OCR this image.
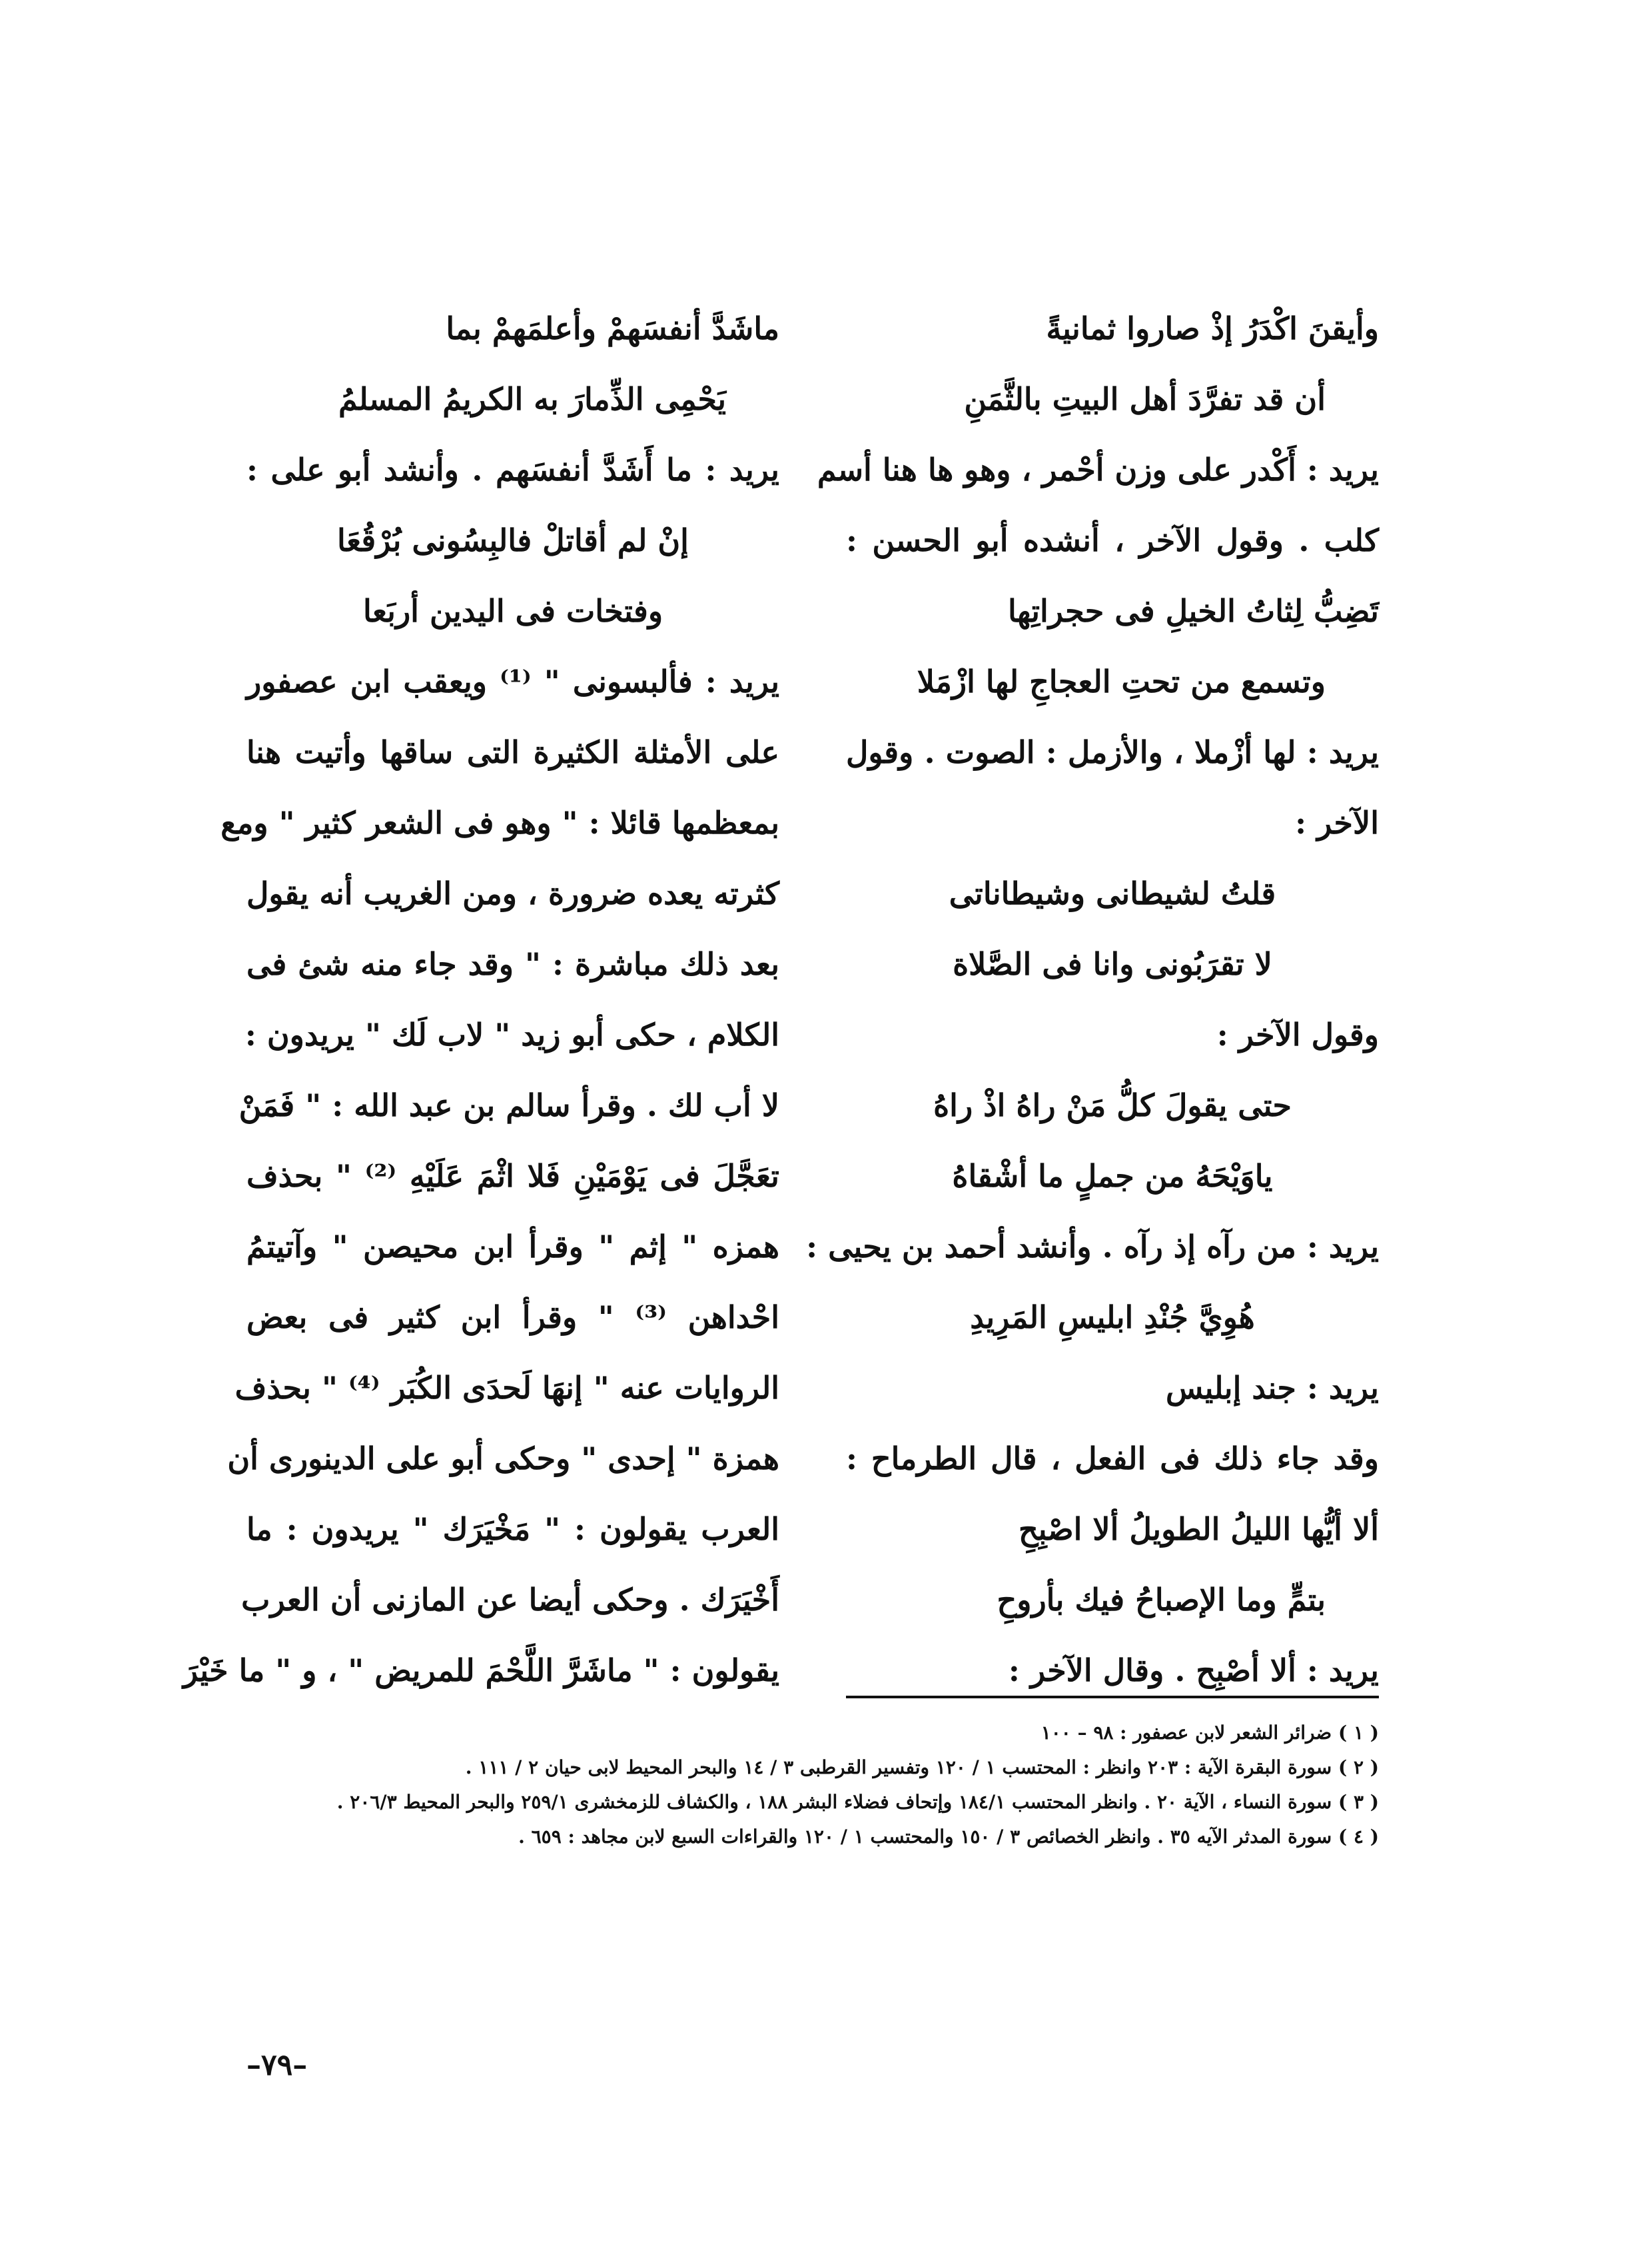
وأيقنَ اكْدَرُ إذْ صاروا ثمانيةً
أن قد تفرَّدَ أهل البيتِ بالثَّمَنِ
يريد : أَكْدر على وزن أحْمر ، وهو ها هنا أسم
كلب . وقول الآخر ، أنشده أبو الحسن :
تَضِبُّ لِثاتُ الخيلِ فى حجراتِها
وتسمع من تحتِ العجاجِ لها ازْمَلا
يريد : لها أزْملا ، والأزمل : الصوت . وقول
الآخر :
قلتُ لشيطانى وشيطاناتى
لا تقرَبُونى وانا فى الصَّلاة
وقول الآخر :
حتى يقولَ كلُّ مَنْ راهُ اذْ راهُ
ياوَيْحَهُ من جملٍ ما أشْقاهُ
يريد : من رآه إذ رآه . وأنشد أحمد بن يحيى :
هُوِيَّ جُنْدِ ابليسِ المَرِيدِ
يريد : جند إبليس
وقد جاء ذلك فى الفعل ، قال الطرماح :
ألا أيُّها الليلُ الطويلُ ألا اصْبِحِ
بتمٍّ وما الإصباحُ فيك بأروحِ
يريد : ألا أصْبِح . وقال الآخر :
ماشَدَّ أنفسَهمْ وأعلمَهمْ بما
يَحْمِى الذِّمارَ به الكريمُ المسلمُ
يريد : ما أَشَدَّ أنفسَهم . وأنشد أبو على :
إنْ لم أقاتلْ فالبِسُونى بُرْقُعَا
وفتخات فى اليدين أربَعا
يريد : فألبسونى " ⁽¹⁾ ويعقب ابن عصفور
على الأمثلة الكثيرة التى ساقها وأتيت هنا
بمعظمها قائلا : " وهو فى الشعر كثير " ومع
كثرته يعده ضرورة ، ومن الغريب أنه يقول
بعد ذلك مباشرة : " وقد جاء منه شئ فى
الكلام ، حكى أبو زيد " لاب لَك " يريدون :
لا أب لك . وقرأ سالم بن عبد الله : " فَمَنْ
تعَجَّلَ فى يَوْمَيْنِ فَلا اثْمَ عَلَيْهِ ⁽²⁾ " بحذف
همزه " إثم " وقرأ ابن محيصن " وآتيتمُ
احْداهن ⁽³⁾ " وقرأ ابن كثير فى بعض
الروايات عنه " إنهَا لَحدَى الكُبَر ⁽⁴⁾ " بحذف
همزة " إحدى " وحكى أبو على الدينورى أن
العرب يقولون : " مَخْيَرَك " يريدون : ما
أَخْيَرَك . وحكى أيضا عن المازنى أن العرب
يقولون : " ماشَرَّ اللَّحْمَ للمريض " ، و " ما خَيْرَ
( ١ ) ضرائر الشعر لابن عصفور : ٩٨ – ١٠٠
( ٢ ) سورة البقرة الآية : ٢٠٣ وانظر : المحتسب ١ / ١٢٠ وتفسير القرطبى ٣ / ١٤ والبحر المحيط لابى حيان ٢ / ١١١ .
( ٣ ) سورة النساء ، الآية ٢٠ . وانظر المحتسب ١٨٤/١ وإتحاف فضلاء البشر ١٨٨ ، والكشاف للزمخشرى ٢٥٩/١ والبحر المحيط ٢٠٦/٣ .
( ٤ ) سورة المدثر الآيه ٣٥ . وانظر الخصائص ٣ / ١٥٠ والمحتسب ١ / ١٢٠ والقراءات السبع لابن مجاهد : ٦٥٩ .
–٧٩–
